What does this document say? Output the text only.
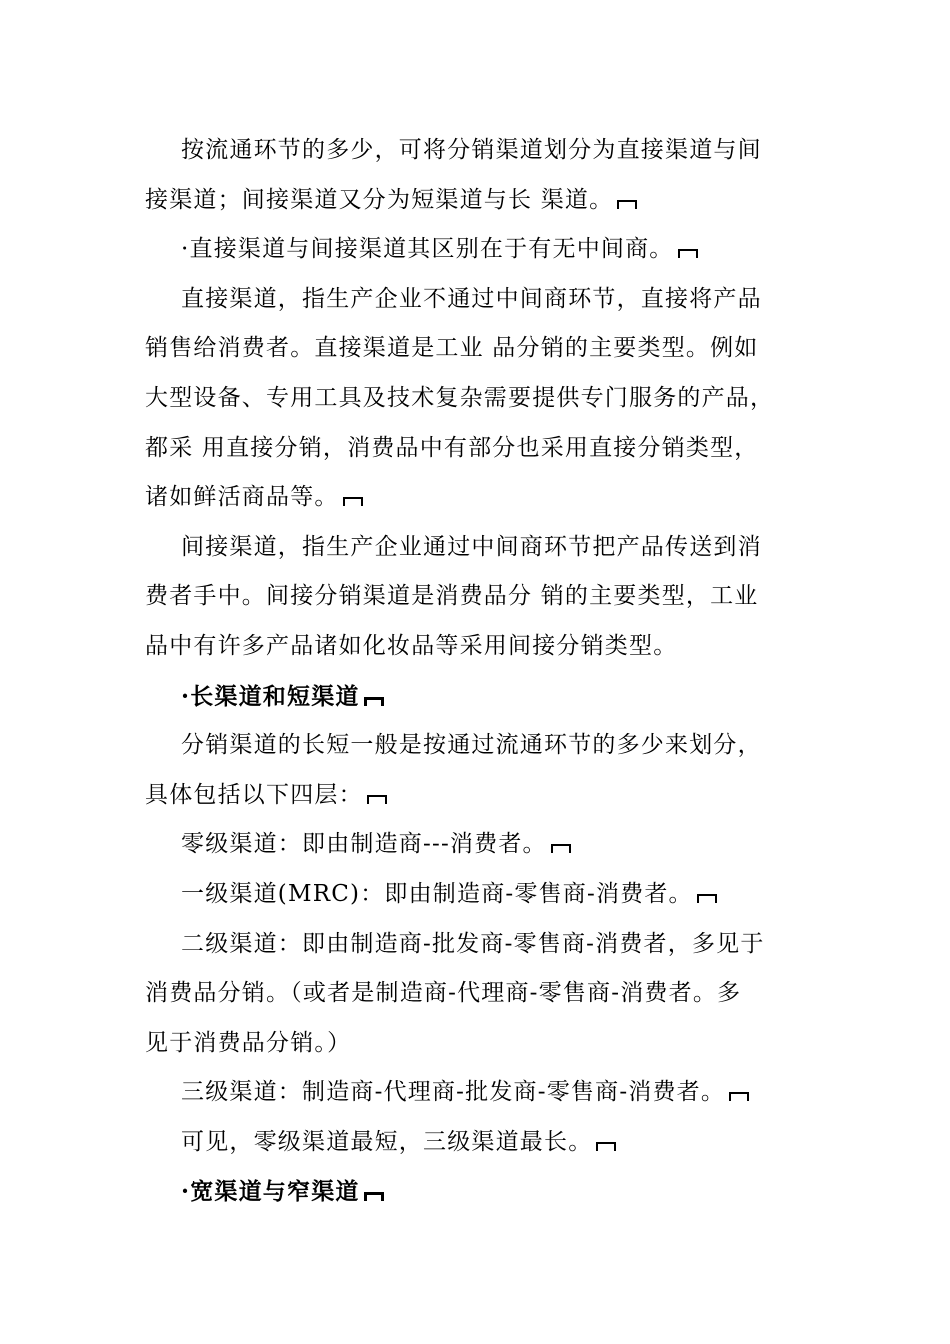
按流通环节的多少，可将分销渠道划分为直接渠道与间
接渠道；间接渠道又分为短渠道与长 渠道。
·直接渠道与间接渠道其区别在于有无中间商。
直接渠道，指生产企业不通过中间商环节，直接将产品
销售给消费者。直接渠道是工业 品分销的主要类型。例如
大型设备、专用工具及技术复杂需要提供专门服务的产品，
都采 用直接分销，消费品中有部分也采用直接分销类型，
诸如鲜活商品等。
间接渠道，指生产企业通过中间商环节把产品传送到消
费者手中。间接分销渠道是消费品分 销的主要类型，工业
品中有许多产品诸如化妆品等采用间接分销类型。
·长渠道和短渠道
分销渠道的长短一般是按通过流通环节的多少来划分，
具体包括以下四层：
零级渠道：即由制造商---消费者。
一级渠道(MRC)：即由制造商-零售商-消费者。
二级渠道：即由制造商-批发商-零售商-消费者，多见于
消费品分销。（或者是制造商-代理商-零售商-消费者。多
见于消费品分销。）
三级渠道：制造商-代理商-批发商-零售商-消费者。
可见，零级渠道最短，三级渠道最长。
·宽渠道与窄渠道
